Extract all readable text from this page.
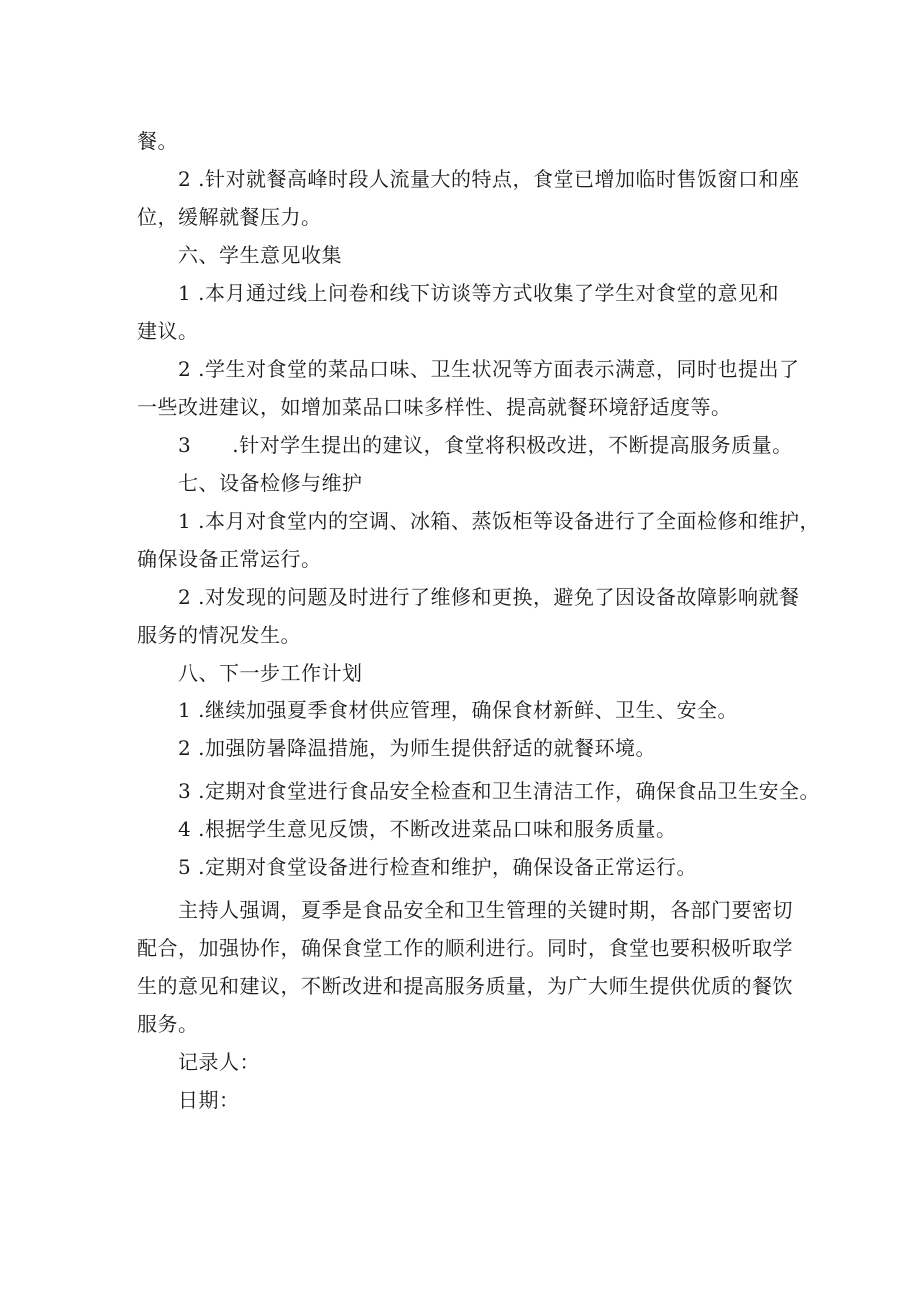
餐。
2 .针对就餐高峰时段人流量大的特点，食堂已增加临时售饭窗口和座
位，缓解就餐压力。
六、学生意见收集
1 .本月通过线上问卷和线下访谈等方式收集了学生对食堂的意见和
建议。
2 .学生对食堂的菜品口味、卫生状况等方面表示满意，同时也提出了
一些改进建议，如增加菜品口味多样性、提高就餐环境舒适度等。
3　　.针对学生提出的建议，食堂将积极改进，不断提高服务质量。
七、设备检修与维护
1 .本月对食堂内的空调、冰箱、蒸饭柜等设备进行了全面检修和维护，
确保设备正常运行。
2 .对发现的问题及时进行了维修和更换，避免了因设备故障影响就餐
服务的情况发生。
八、下一步工作计划
1 .继续加强夏季食材供应管理，确保食材新鲜、卫生、安全。
2 .加强防暑降温措施，为师生提供舒适的就餐环境。
3 .定期对食堂进行食品安全检查和卫生清洁工作，确保食品卫生安全。
4 .根据学生意见反馈，不断改进菜品口味和服务质量。
5 .定期对食堂设备进行检查和维护，确保设备正常运行。
主持人强调，夏季是食品安全和卫生管理的关键时期，各部门要密切
配合，加强协作，确保食堂工作的顺利进行。同时，食堂也要积极听取学
生的意见和建议，不断改进和提高服务质量，为广大师生提供优质的餐饮
服务。
记录人：
日期：
